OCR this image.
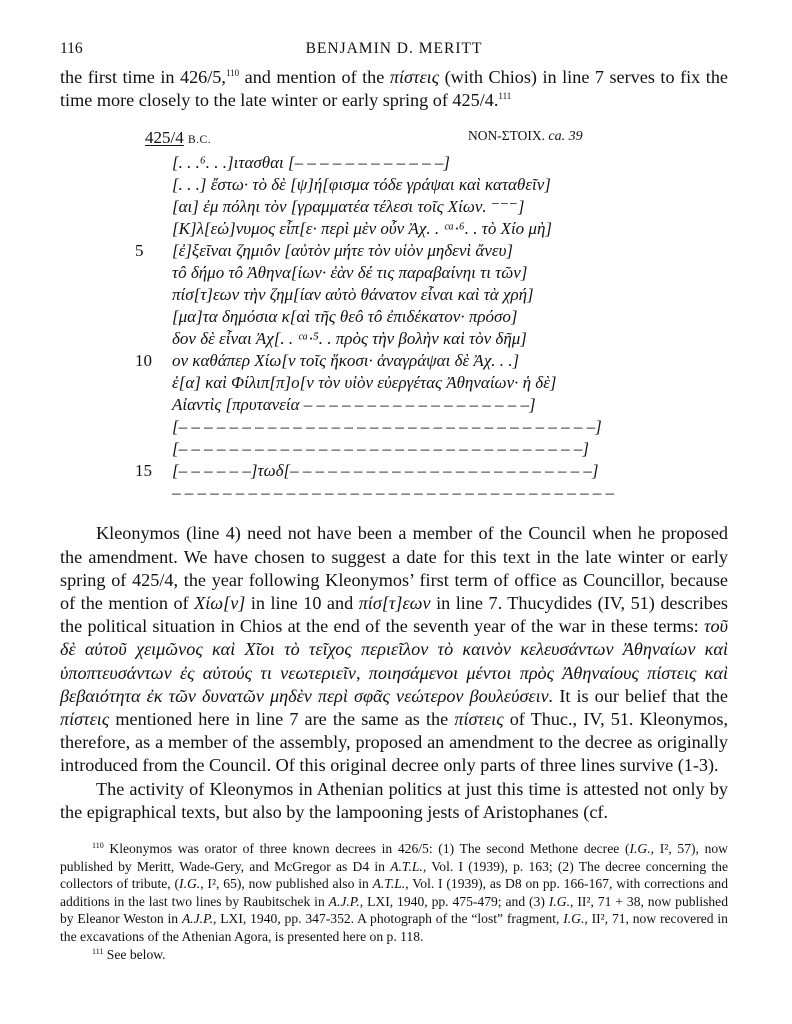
116	BENJAMIN D. MERITT

the first time in 426/5,$^{110}$ and mention of the πίστεις (with Chios) in line 7 serves to fix the time more closely to the late winter or early spring of 425/4.$^{111}$

425/4 B.C.	NON-ΣΤΟΙΧ. ca. 39
[. . .⁶. . .]ιτασθαι [– – – – – – – – – – – –]
[. . .] ἔστω· τὸ δὲ [ψ]ή[φισμα τόδε γράψαι καὶ καταθεῖν]
[αι] ἐμ πόληι τὸν [γραμματέα τέλεσι τοῖς Χίων. ⁻⁻⁻]
[Κ]λ[εώ]νυμος εἶπ[ε· περὶ μὲν οὖν Ἀχ. . ᶜᵃ·⁶. . τὸ Χίο μὴ]
5	[ἐ]ξεῖναι ζημιôν [αὐτὸν μήτε τὸν υἱὸν μηδενὶ ἄνευ]
τô δήμο τô Ἀθηνα[ίων· ἐὰν δέ τις παραβαίνηι τι τῶν]
πίσ[τ]εων τὴν ζημ[ίαν αὐτὸ θάνατον εἶναι καὶ τὰ χρή]
[μα]τα δημόσια κ[αὶ τῆς θεô τô ἐπιδέκατον· πρόσο]
δον δὲ εἶναι Ἀχ[. . ᶜᵃ·⁵. . πρὸς τὴν βολὴν καὶ τὸν δῆμ]
10	ον καθάπερ Χίω[ν τοῖς ἥκοσι· ἀναγράψαι δὲ Ἀχ. . .]
ἑ[α] καὶ Φίλιπ[π]ο[ν τὸν υἱὸν εὐεργέτας Ἀθηναίων· ἡ δὲ]
Αἰαντὶς [πρυτανεία – – – – – – – – – – – – – – – – – –]
[– – – – – – – – – – – – – – – – – – – – – – – – – – – – – – – – –]
[– – – – – – – – – – – – – – – – – – – – – – – – – – – – – – – –]
15	[– – – – – –]τωδ[– – – – – – – – – – – – – – – – – – – – – – – –]
– – – – – – – – – – – – – – – – – – – – – – – – – – – – – – – – – – –

Kleonymos (line 4) need not have been a member of the Council when he proposed the amendment. We have chosen to suggest a date for this text in the late winter or early spring of 425/4, the year following Kleonymos’ first term of office as Councillor, because of the mention of Χίω[ν] in line 10 and πίσ[τ]εων in line 7. Thucydides (IV, 51) describes the political situation in Chios at the end of the seventh year of the war in these terms: τοῦ δὲ αὐτοῦ χειμῶνος καὶ Χῖοι τὸ τεῖχος περιεῖλον τὸ καινὸν κελευσάντων Ἀθηναίων καὶ ὑποπτευσάντων ἐς αὐτούς τι νεωτεριεῖν, ποιησάμενοι μέντοι πρὸς Ἀθηναίους πίστεις καὶ βεβαιότητα ἐκ τῶν δυνατῶν μηδὲν περὶ σφᾶς νεώτερον βουλεύσειν. It is our belief that the πίστεις mentioned here in line 7 are the same as the πίστεις of Thuc., IV, 51. Kleonymos, therefore, as a member of the assembly, proposed an amendment to the decree as originally introduced from the Council. Of this original decree only parts of three lines survive (1-3).

The activity of Kleonymos in Athenian politics at just this time is attested not only by the epigraphical texts, but also by the lampooning jests of Aristophanes (cf.

$^{110}$ Kleonymos was orator of three known decrees in 426/5: (1) The second Methone decree (I.G., I², 57), now published by Meritt, Wade-Gery, and McGregor as D4 in A.T.L., Vol. I (1939), p. 163; (2) The decree concerning the collectors of tribute, (I.G., I², 65), now published also in A.T.L., Vol. I (1939), as D8 on pp. 166-167, with corrections and additions in the last two lines by Raubitschek in A.J.P., LXI, 1940, pp. 475-479; and (3) I.G., II², 71 + 38, now published by Eleanor Weston in A.J.P., LXI, 1940, pp. 347-352. A photograph of the “lost” fragment, I.G., II², 71, now recovered in the excavations of the Athenian Agora, is presented here on p. 118.

$^{111}$ See below.
